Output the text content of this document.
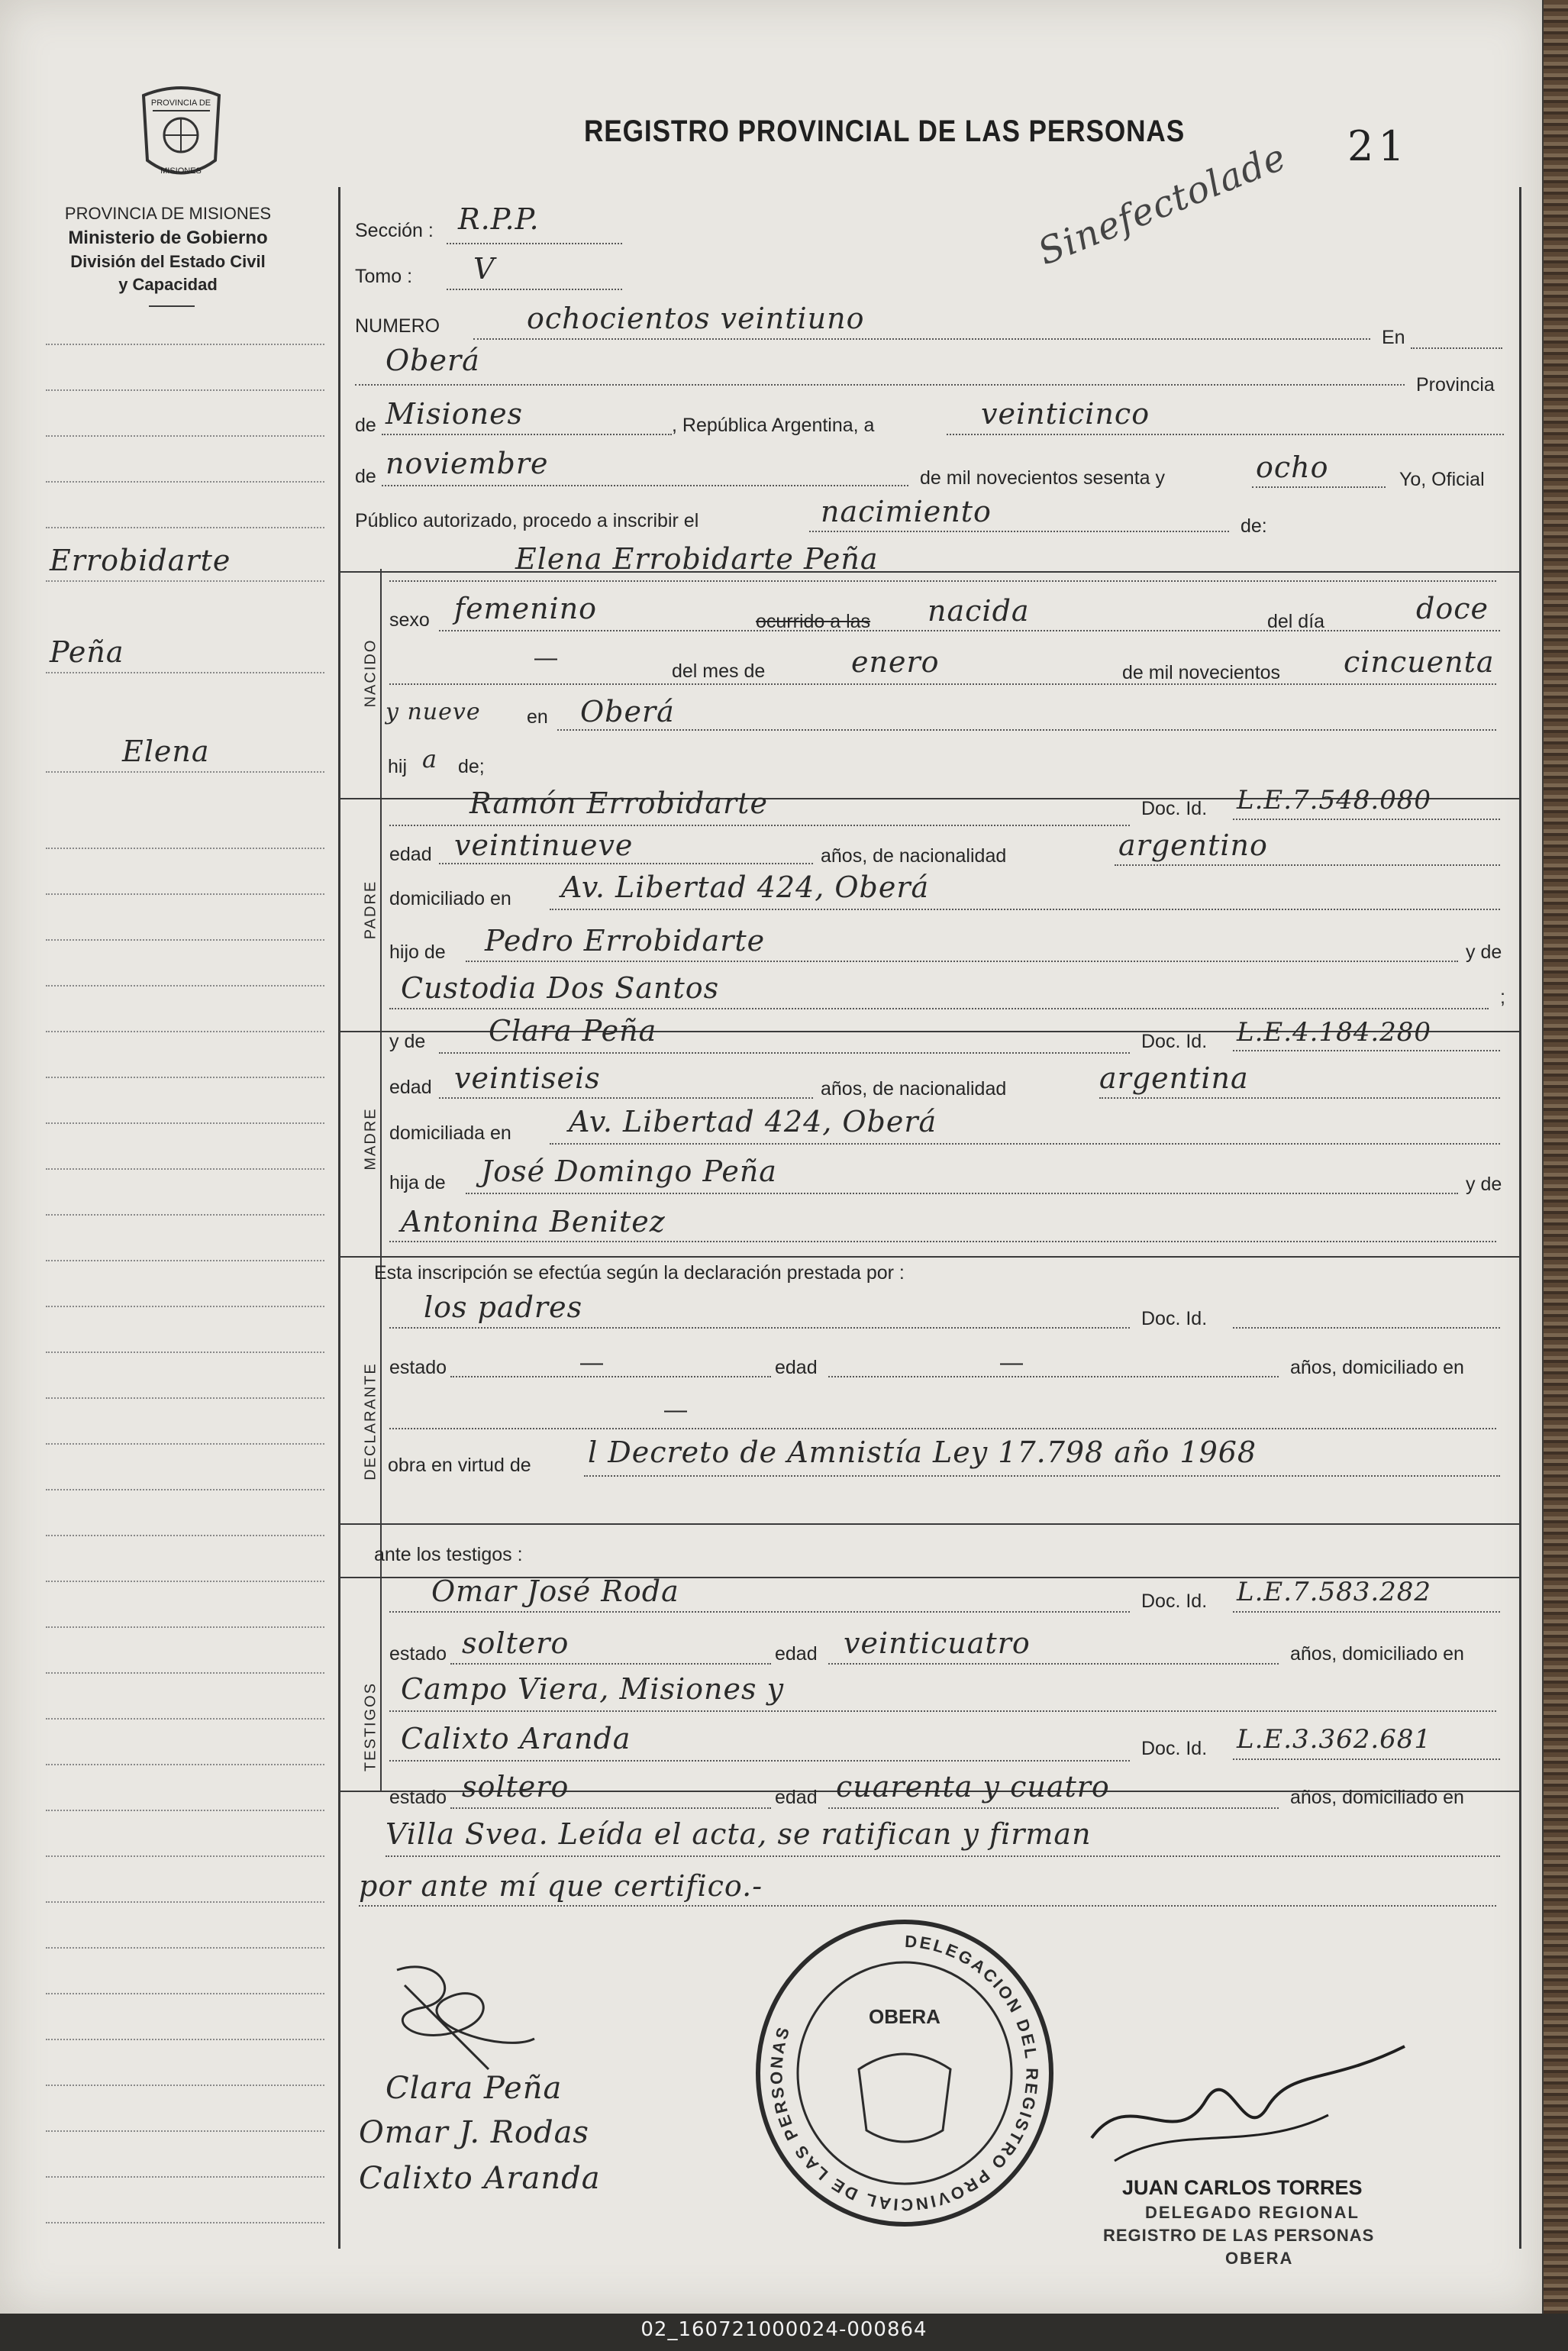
02_160721000024-000864
PROVINCIA DE
MISIONES
PROVINCIA DE MISIONES
Ministerio de Gobierno
División del Estado Civil
y Capacidad
REGISTRO PROVINCIAL DE LAS PERSONAS	21
Sinefectolade
Errobidarte
Peña
Elena
NACIDO
PADRE
MADRE
DECLARANTE
TESTIGOS
Sección : R.P.P.
Tomo : V
NUMERO	ochocientos veintiuno
En
Oberá
Provincia
de Misiones	, República Argentina, a	veinticinco
de noviembre	de mil novecientos sesenta y	ocho	Yo, Oficial
Público autorizado, procedo a inscribir el	nacimiento	de:
Elena Errobidarte Peña
sexo femenino	ocurrido a las nacida	del día	doce
—
del mes de	enero	de mil novecientos cincuenta
y nueve en Oberá
hij a de;
Ramón Errobidarte	Doc. Id. L.E.7.548.080
edad veintinueve	años, de nacionalidad	argentino
domiciliado en Av. Libertad 424, Oberá
hijo de Pedro Errobidarte	y de
Custodia Dos Santos	;
y de Clara Peña	Doc. Id. L.E.4.184.280
edad veintiseis	años, de nacionalidad	argentina
domiciliada en Av. Libertad 424, Oberá
hija de José Domingo Peña	y de
Antonina Benitez
Esta inscripción se efectúa según la declaración prestada por :
los padres	Doc. Id.
estado	—	edad	—	años, domiciliado en
—
obra en virtud de l Decreto de Amnistía Ley 17.798 año 1968
ante los testigos :
Omar José Roda	Doc. Id. L.E.7.583.282
estado soltero	edad veinticuatro	años, domiciliado en
Campo Viera, Misiones y
Calixto Aranda	Doc. Id. L.E.3.362.681
estado soltero	edad cuarenta y cuatro	años, domiciliado en
Villa Svea. Leída el acta, se ratifican y firman
por ante mí que certifico.-
Clara Peña
Omar J. Rodas
Calixto Aranda
DELEGACION DEL REGISTRO PROVINCIAL DE LAS PERSONAS
OBERA
JUAN CARLOS TORRES
DELEGADO REGIONAL
REGISTRO DE LAS PERSONAS
OBERA
